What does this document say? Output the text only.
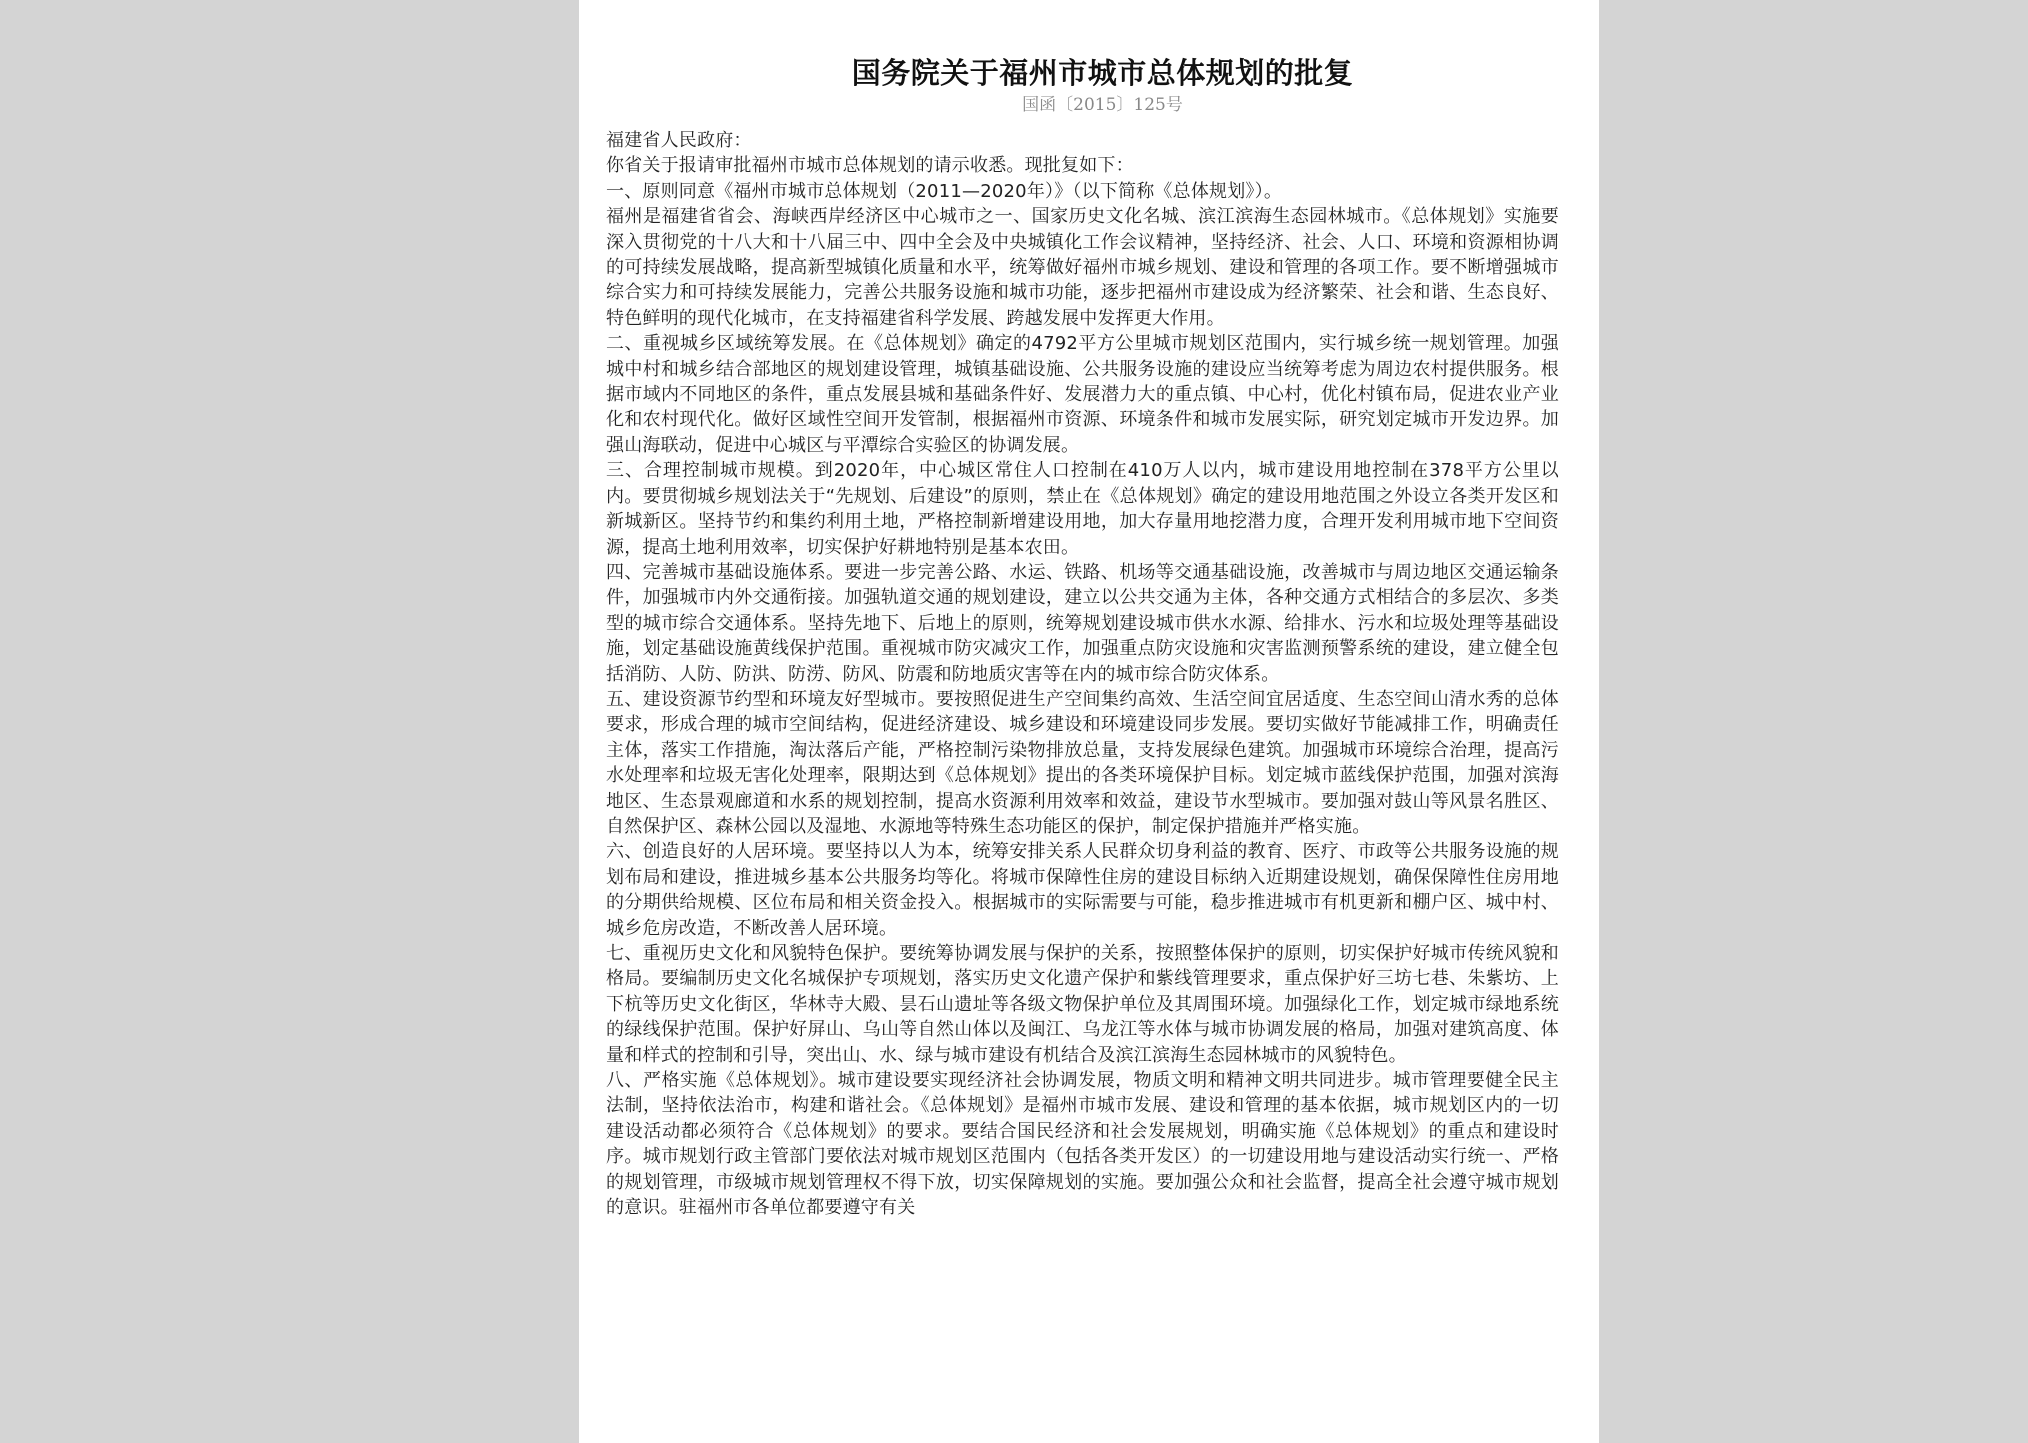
国务院关于福州市城市总体规划的批复
国函〔2015〕125号

福建省人民政府：

你省关于报请审批福州市城市总体规划的请示收悉。现批复如下：

一、原则同意《福州市城市总体规划（2011—2020年）》（以下简称《总体规划》）。

福州是福建省省会、海峡西岸经济区中心城市之一、国家历史文化名城、滨江滨海生态园林城市。《总体规划》实施要深入贯彻党的十八大和十八届三中、四中全会及中央城镇化工作会议精神，坚持经济、社会、人口、环境和资源相协调的可持续发展战略，提高新型城镇化质量和水平，统筹做好福州市城乡规划、建设和管理的各项工作。要不断增强城市综合实力和可持续发展能力，完善公共服务设施和城市功能，逐步把福州市建设成为经济繁荣、社会和谐、生态良好、特色鲜明的现代化城市，在支持福建省科学发展、跨越发展中发挥更大作用。

二、重视城乡区域统筹发展。在《总体规划》确定的4792平方公里城市规划区范围内，实行城乡统一规划管理。加强城中村和城乡结合部地区的规划建设管理，城镇基础设施、公共服务设施的建设应当统筹考虑为周边农村提供服务。根据市域内不同地区的条件，重点发展县城和基础条件好、发展潜力大的重点镇、中心村，优化村镇布局，促进农业产业化和农村现代化。做好区域性空间开发管制，根据福州市资源、环境条件和城市发展实际，研究划定城市开发边界。加强山海联动，促进中心城区与平潭综合实验区的协调发展。

三、合理控制城市规模。到2020年，中心城区常住人口控制在410万人以内，城市建设用地控制在378平方公里以内。要贯彻城乡规划法关于“先规划、后建设”的原则，禁止在《总体规划》确定的建设用地范围之外设立各类开发区和新城新区。坚持节约和集约利用土地，严格控制新增建设用地，加大存量用地挖潜力度，合理开发利用城市地下空间资源，提高土地利用效率，切实保护好耕地特别是基本农田。

四、完善城市基础设施体系。要进一步完善公路、水运、铁路、机场等交通基础设施，改善城市与周边地区交通运输条件，加强城市内外交通衔接。加强轨道交通的规划建设，建立以公共交通为主体，各种交通方式相结合的多层次、多类型的城市综合交通体系。坚持先地下、后地上的原则，统筹规划建设城市供水水源、给排水、污水和垃圾处理等基础设施，划定基础设施黄线保护范围。重视城市防灾减灾工作，加强重点防灾设施和灾害监测预警系统的建设，建立健全包括消防、人防、防洪、防涝、防风、防震和防地质灾害等在内的城市综合防灾体系。

五、建设资源节约型和环境友好型城市。要按照促进生产空间集约高效、生活空间宜居适度、生态空间山清水秀的总体要求，形成合理的城市空间结构，促进经济建设、城乡建设和环境建设同步发展。要切实做好节能减排工作，明确责任主体，落实工作措施，淘汰落后产能，严格控制污染物排放总量，支持发展绿色建筑。加强城市环境综合治理，提高污水处理率和垃圾无害化处理率，限期达到《总体规划》提出的各类环境保护目标。划定城市蓝线保护范围，加强对滨海地区、生态景观廊道和水系的规划控制，提高水资源利用效率和效益，建设节水型城市。要加强对鼓山等风景名胜区、自然保护区、森林公园以及湿地、水源地等特殊生态功能区的保护，制定保护措施并严格实施。

六、创造良好的人居环境。要坚持以人为本，统筹安排关系人民群众切身利益的教育、医疗、市政等公共服务设施的规划布局和建设，推进城乡基本公共服务均等化。将城市保障性住房的建设目标纳入近期建设规划，确保保障性住房用地的分期供给规模、区位布局和相关资金投入。根据城市的实际需要与可能，稳步推进城市有机更新和棚户区、城中村、城乡危房改造，不断改善人居环境。

七、重视历史文化和风貌特色保护。要统筹协调发展与保护的关系，按照整体保护的原则，切实保护好城市传统风貌和格局。要编制历史文化名城保护专项规划，落实历史文化遗产保护和紫线管理要求，重点保护好三坊七巷、朱紫坊、上下杭等历史文化街区，华林寺大殿、昙石山遗址等各级文物保护单位及其周围环境。加强绿化工作，划定城市绿地系统的绿线保护范围。保护好屏山、乌山等自然山体以及闽江、乌龙江等水体与城市协调发展的格局，加强对建筑高度、体量和样式的控制和引导，突出山、水、绿与城市建设有机结合及滨江滨海生态园林城市的风貌特色。

八、严格实施《总体规划》。城市建设要实现经济社会协调发展，物质文明和精神文明共同进步。城市管理要健全民主法制，坚持依法治市，构建和谐社会。《总体规划》是福州市城市发展、建设和管理的基本依据，城市规划区内的一切建设活动都必须符合《总体规划》的要求。要结合国民经济和社会发展规划，明确实施《总体规划》的重点和建设时序。城市规划行政主管部门要依法对城市规划区范围内（包括各类开发区）的一切建设用地与建设活动实行统一、严格的规划管理，市级城市规划管理权不得下放，切实保障规划的实施。要加强公众和社会监督，提高全社会遵守城市规划的意识。驻福州市各单位都要遵守有关
